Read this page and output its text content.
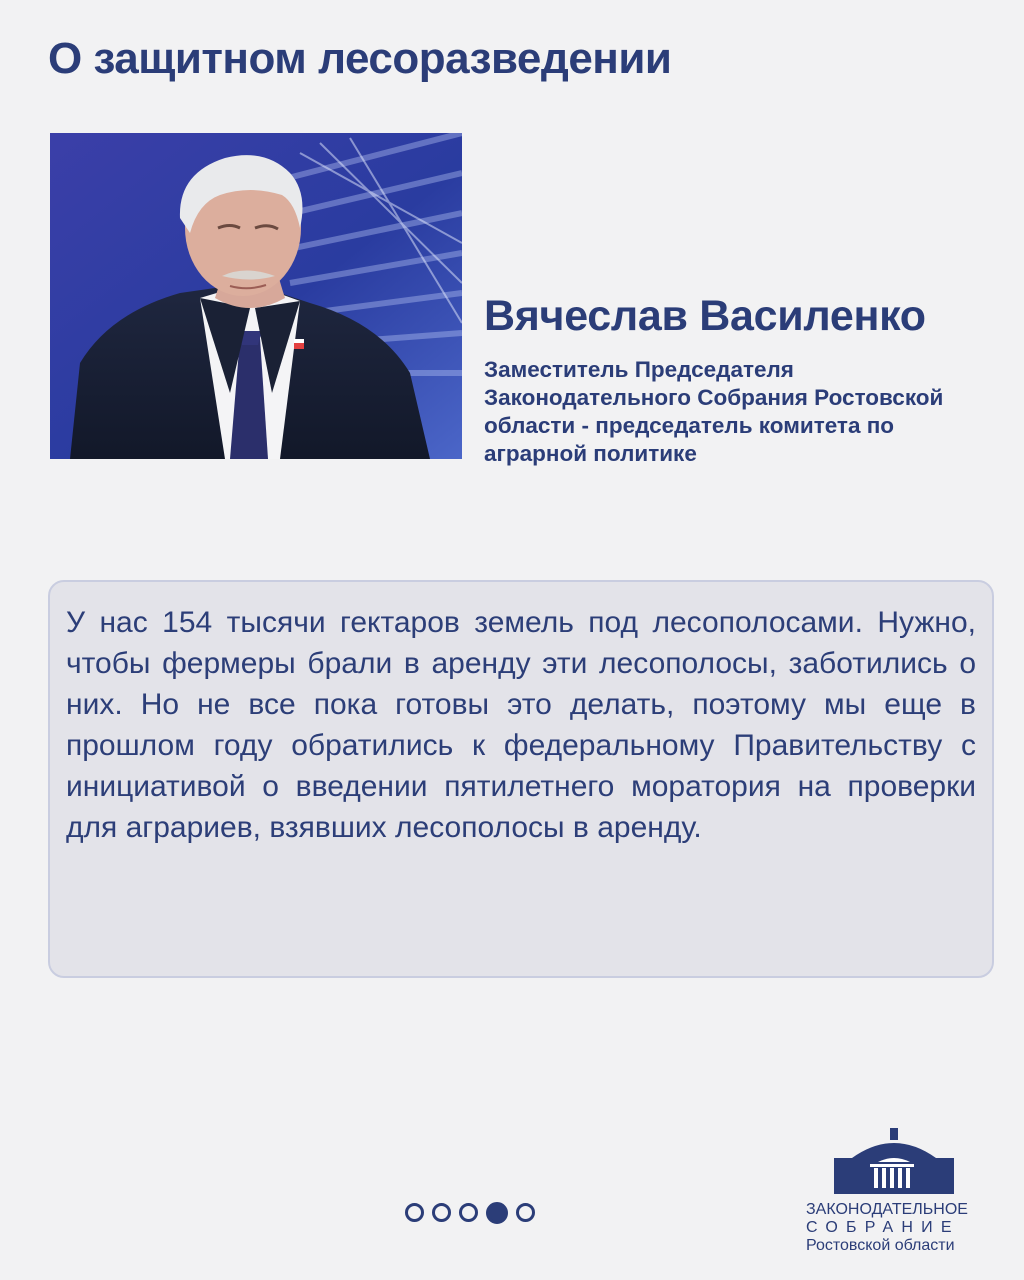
О защитном лесоразведении
Вячеслав Василенко
Заместитель Председателя Законодательного Собрания Ростовской области - председатель комитета по аграрной политике

У нас 154 тысячи гектаров земель под лесополосами. Нужно, чтобы фермеры брали в аренду эти лесополосы, заботились о них. Но не все пока готовы это делать, поэтому мы еще в прошлом году обратились к федеральному Правительству с инициативой о введении пятилетнего моратория на проверки для аграриев, взявших лесополосы в аренду.

ЗАКОНОДАТЕЛЬНОЕ
СОБРАНИЕ
Ростовской области
